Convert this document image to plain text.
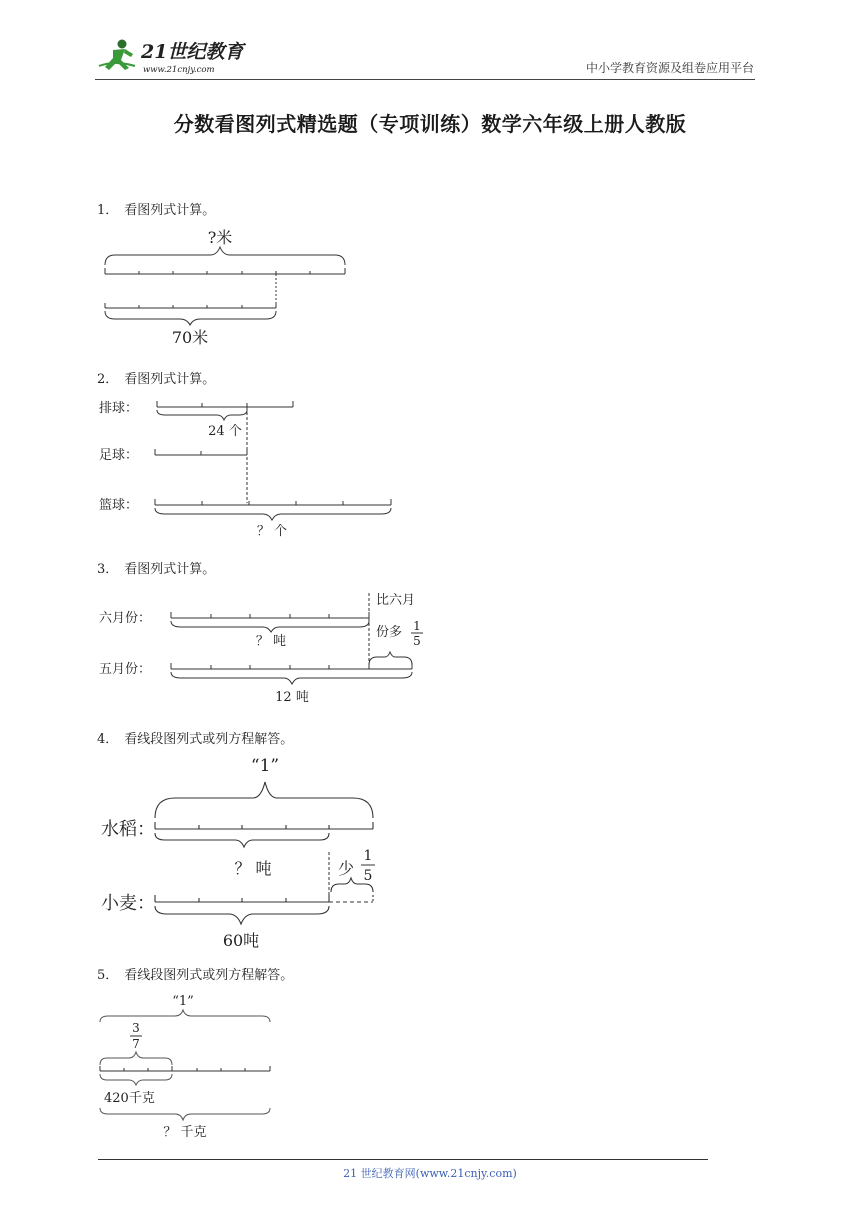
21世纪教育
www.21cnjy.com	中小学教育资源及组卷应用平台
分数看图列式精选题（专项训练）数学六年级上册人教版
1． 看图列式计算。
?米
70米
2． 看图列式计算。
排球：
24 个
足球：
篮球：
？ 个
3． 看图列式计算。
六月份：
？ 吨
比六月
份多 1
5
五月份：
12 吨
4． 看线段图列式或列方程解答。
“1”
水稻：
？ 吨	少
1
5
小麦：
60吨
5． 看线段图列式或列方程解答。
“1”
3
7
420千克
？ 千克
21 世纪教育网(www.21cnjy.com)
